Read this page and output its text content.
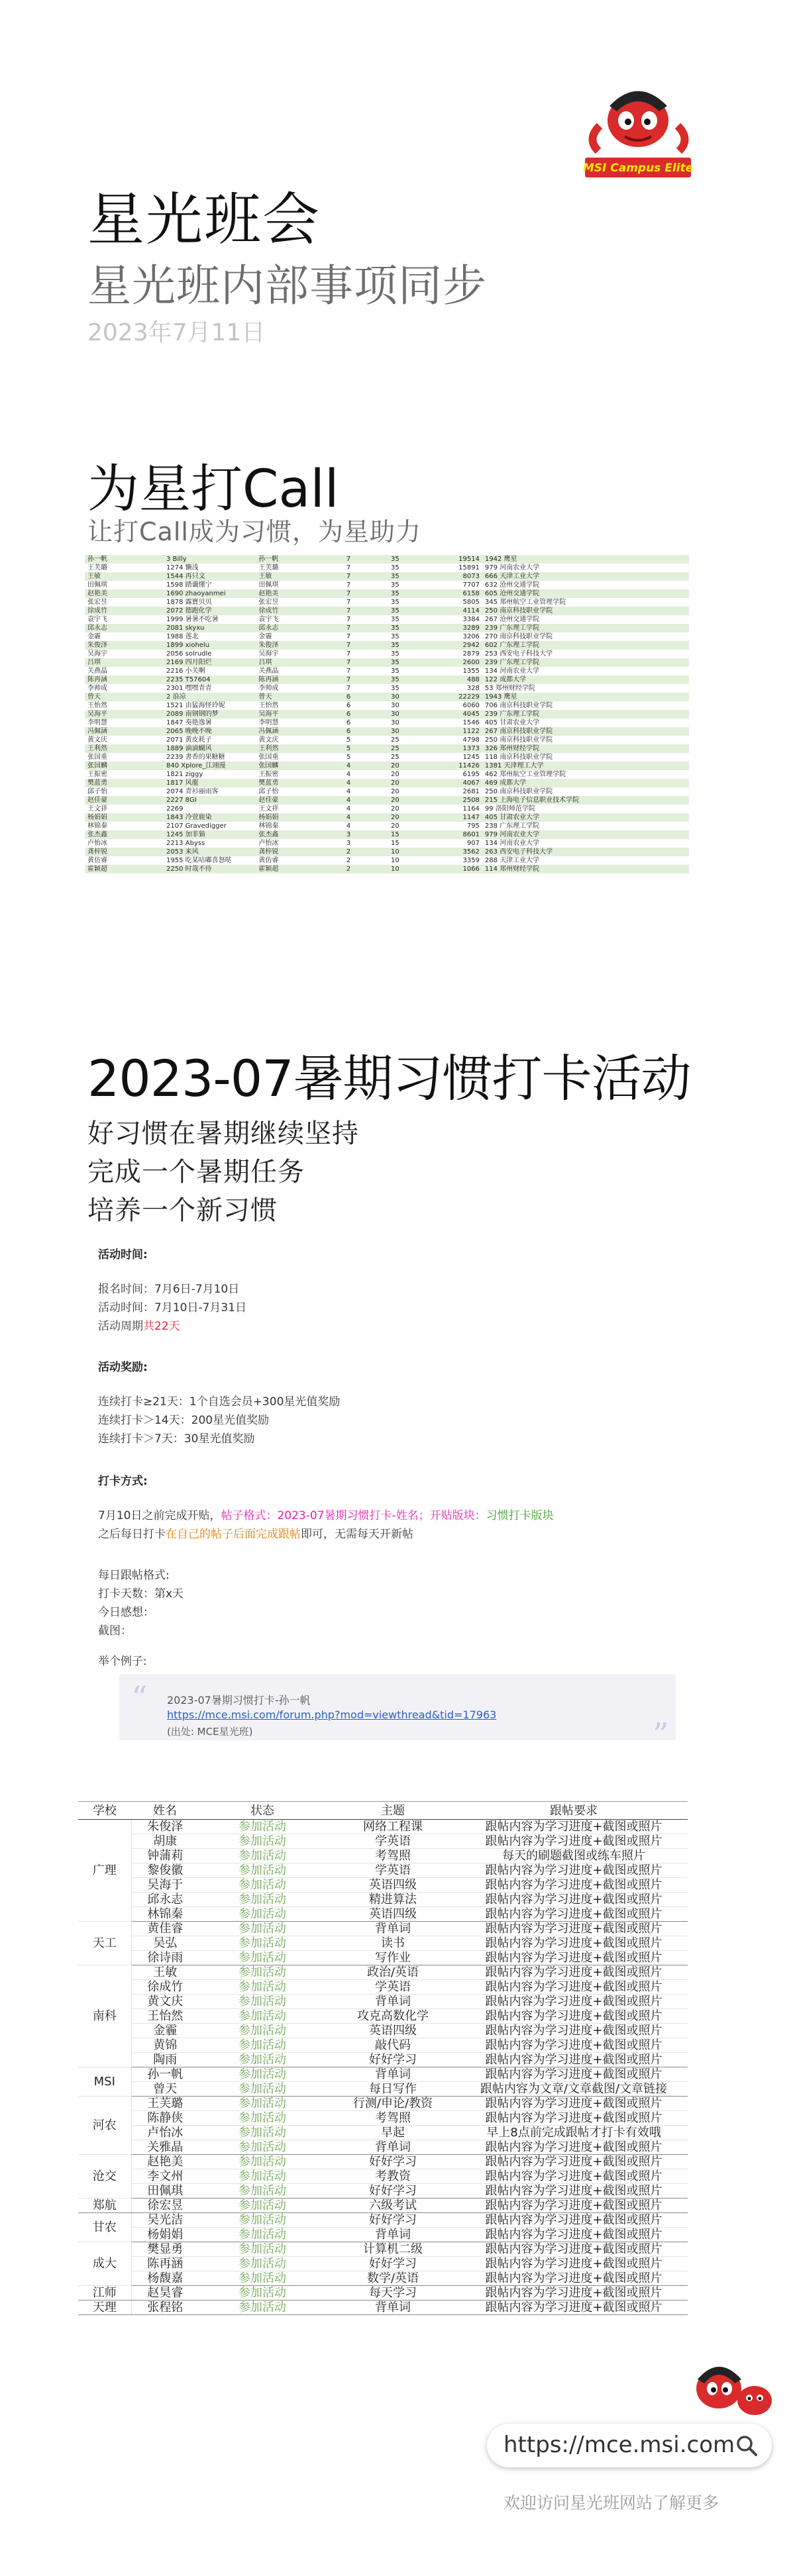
MSI Campus Elite
星光班会
星光班内部事项同步
2023年7月11日
为星打Call
让打Call成为习惯，为星助力
孙一帆	3 Billy	孙一帆	7	35	19514	1942 鹰星
王芙璐	1274 懒浅	王芙璐	7	35	15891	979 河南农业大学
王敏	1544 再只文	王敏	7	35	8073	666 天津工业大学
田佩琪	1598 踏谶懂宁	田佩琪	7	35	7707	632 沧州交通学院
赵艳美	1690 zhaoyanmei	赵艳美	7	35	6158	605 沧州交通学院
张宏昱	1878 露寶贝贝	张宏昱	7	35	5805	345 郑州航空工业管理学院
徐成竹	2072 德跑化学	徐成竹	7	35	4114	250 南京科技职业学院
袁宇飞	1999 暑暑不吃暑	袁宇飞	7	35	3384	267 沧州交通学院
邱永志	2081 skyxu	邱永志	7	35	3289	239 广东理工学院
金霾	1988 莲北	金霾	7	35	3206	270 南京科技职业学院
朱俊泽	1899 xiohelu	朱俊泽	7	35	2942	602 广东理工学院
吴海宇	2056 solrudle	吴海宇	7	35	2879	253 西安电子科技大学
吕琪	2169 四月阳烂	吕琪	7	35	2600	239 广东理工学院
关燕晶	2216 小关啊	关燕晶	7	35	1355	134 河南农业大学
陈再涵	2235 T57604	陈再涵	7	35	488	122 成都大学
李帅成	2301 嘿嘿青青	李帅成	7	35	328	53 郑州财经学院
曾天	2 浪凉	曾天	6	30	22229	1943 鹰星
王怡然	1521 由猛海怪玲妮	王怡然	6	30	6060	706 南京科技职业学院
吴海平	2089 南钢钢的梦	吴海平	6	30	4045	239 广东理工学院
李明慧	1847 奏艳逸暑	李明慧	6	30	1546	405 甘肃农业大学
冯佩涵	2065 晚晚不晚	冯佩涵	6	30	1122	267 南京科技职业学院
黄文庆	2071 黄皮耗子	黄文庆	5	25	4798	250 南京科技职业学院
王利然	1889 滴滴蝴风	王利然	5	25	1373	326 郑州财经学院
张国重	2239 書香的果糖糖	张国重	5	25	1245	118 南京科技职业学院
张国麟	840 Xplore_江翊漫	张国麟	4	20	11426	1381 天津理工大学
王振密	1821 ziggy	王振密	4	20	6195	462 郑州航空工业管理学院
樊蓝勇	1817 风龍	樊蓝勇	4	20	4067	469 成都大学
邱子怡	2074 青衫丽雨客	邱子怡	4	20	2681	250 南京科技职业学院
赵佳豪	2227 8GI	赵佳豪	4	20	2508	215 上海电子信息职业技术学院
王文祥	2269	王文祥	4	20	1164	99 洛阳师范学院
杨娟娟	1843 冷萱鹿染	杨娟娟	4	20	1147	405 甘肃农业大学
林锦秦	2107 Gravedigger	林锦秦	4	20	795	238 广东理工学院
张杰鑫	1245 加菲猫	张杰鑫	3	15	8601	979 河南农业大学
卢怡冰	2213 Abyss	卢怡冰	3	15	907	134 河南农业大学
龚梓锐	2053 来风	龚梓锐	2	10	3562	263 西安电子科技大学
黄仿睿	1955 吃某咕嘟喜怒哒	黄仿睿	2	10	3359	288 天津工业大学
霍颖超	2250 时哉不待	霍颖超	2	10	1066	114 郑州财经学院
2023-07暑期习惯打卡活动
好习惯在暑期继续坚持
完成一个暑期任务
培养一个新习惯
活动时间:
报名时间：7月6日-7月10日
活动时间：7月10日-7月31日
活动周期共22天
活动奖励:
连续打卡≥21天：1个自选会员+300星光值奖励
连续打卡＞14天：200星光值奖励
连续打卡＞7天：30星光值奖励
打卡方式:
7月10日之前完成开贴，帖子格式：2023-07暑期习惯打卡-姓名；开贴版块：习惯打卡版块
之后每日打卡在自己的帖子后面完成跟帖即可，无需每天开新帖
每日跟帖格式:
打卡天数：第x天
今日感想：
截图：
举个例子:
“
”
2023-07暑期习惯打卡-孙一帆
https://mce.msi.com/forum.php?mod=viewthread&tid=17963
(出处: MCE星光班)
学校	姓名	状态	主题	跟帖要求
广理	朱俊泽	参加活动	网络工程课	跟帖内容为学习进度+截图或照片
	胡康	参加活动	学英语	跟帖内容为学习进度+截图或照片
	钟蒲莉	参加活动	考驾照	每天的刷题截图或练车照片
	黎俊徽	参加活动	学英语	跟帖内容为学习进度+截图或照片
	吴海于	参加活动	英语四级	跟帖内容为学习进度+截图或照片
	邱永志	参加活动	精进算法	跟帖内容为学习进度+截图或照片
	林锦秦	参加活动	英语四级	跟帖内容为学习进度+截图或照片
天工	黄佳睿	参加活动	背单词	跟帖内容为学习进度+截图或照片
	吴弘	参加活动	读书	跟帖内容为学习进度+截图或照片
	徐诗雨	参加活动	写作业	跟帖内容为学习进度+截图或照片
南科	王敏	参加活动	政治/英语	跟帖内容为学习进度+截图或照片
	徐成竹	参加活动	学英语	跟帖内容为学习进度+截图或照片
	黄文庆	参加活动	背单词	跟帖内容为学习进度+截图或照片
	王怡然	参加活动	攻克高数化学	跟帖内容为学习进度+截图或照片
	金霾	参加活动	英语四级	跟帖内容为学习进度+截图或照片
	黄锦	参加活动	敲代码	跟帖内容为学习进度+截图或照片
	陶雨	参加活动	好好学习	跟帖内容为学习进度+截图或照片
MSI	孙一帆	参加活动	背单词	跟帖内容为学习进度+截图或照片
	曾天	参加活动	每日写作	跟帖内容为文章/文章截图/文章链接
河农	王芙璐	参加活动	行测/申论/教资	跟帖内容为学习进度+截图或照片
	陈静侠	参加活动	考驾照	跟帖内容为学习进度+截图或照片
	卢怡冰	参加活动	早起	早上8点前完成跟帖才打卡有效哦
	关雅晶	参加活动	背单词	跟帖内容为学习进度+截图或照片
沧交	赵艳美	参加活动	好好学习	跟帖内容为学习进度+截图或照片
	李文州	参加活动	考教资	跟帖内容为学习进度+截图或照片
	田佩琪	参加活动	好好学习	跟帖内容为学习进度+截图或照片
郑航	徐宏昱	参加活动	六级考试	跟帖内容为学习进度+截图或照片
甘农	吴光洁	参加活动	好好学习	跟帖内容为学习进度+截图或照片
	杨娟娟	参加活动	背单词	跟帖内容为学习进度+截图或照片
成大	樊显勇	参加活动	计算机二级	跟帖内容为学习进度+截图或照片
	陈再涵	参加活动	好好学习	跟帖内容为学习进度+截图或照片
	杨馥嘉	参加活动	数学/英语	跟帖内容为学习进度+截图或照片
江师	赵昊睿	参加活动	每天学习	跟帖内容为学习进度+截图或照片
天理	张程铭	参加活动	背单词	跟帖内容为学习进度+截图或照片
https://mce.msi.com
欢迎访问星光班网站了解更多
